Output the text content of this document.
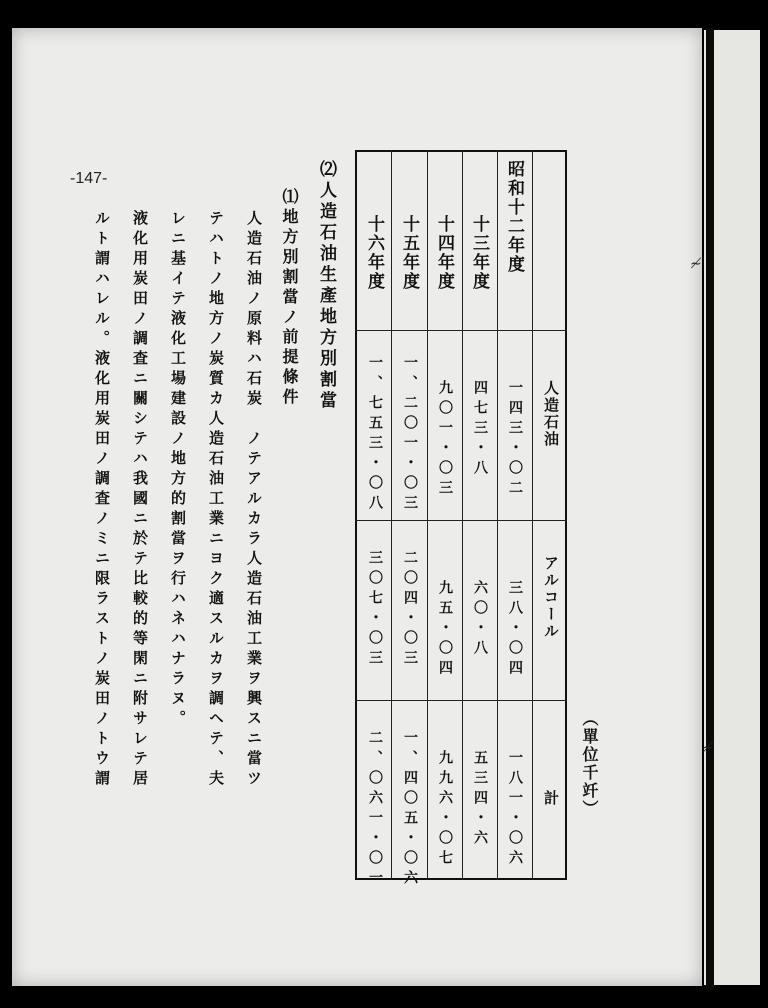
≁
≁
-147-
人造石油
アルコール
計
昭和十二年度
一四三・〇二
三八・〇四
一八一・〇六
十三年度
四七三・八
六〇・八
五三四・六
十四年度
九〇一・〇三
九五・〇四
九九六・〇七
十五年度
一、二〇一・〇三
二〇四・〇三
一、四〇五・〇六
十六年度
一、七五三・〇八
三〇七・〇三
二、〇六一・〇一	（單位千竏）
⑵人造石油生產地方別割當
⑴地方別割當ノ前提條件
人造石油ノ原料ハ石炭　ノテアルカラ人造石油工業ヲ興スニ當ツ
テハトノ地方ノ炭質カ人造石油工業ニヨク適スルカヲ調ヘテ、夫
レニ基イテ液化工場建設ノ地方的割當ヲ行ハネハナラヌ。
液化用炭田ノ調査ニ關シテハ我國ニ於テ比較的等閑ニ附サレテ居
ルト謂ハレル。液化用炭田ノ調査ノミニ限ラストノ炭田ノトウ謂
